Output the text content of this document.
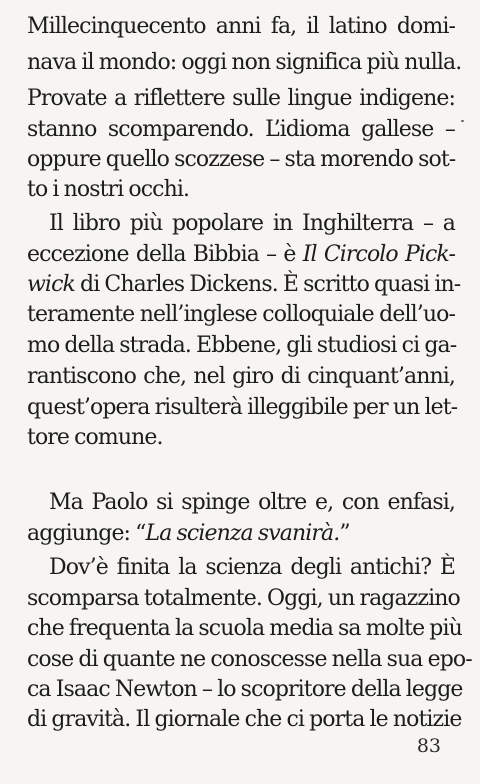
Millecinquecento anni fa, il latino domi-
nava il mondo: oggi non significa più nulla.
Provate a riflettere sulle lingue indigene:
stanno scomparendo. L’idioma gallese –
oppure quello scozzese – sta morendo sot-
to i nostri occhi.
Il libro più popolare in Inghilterra – a
eccezione della Bibbia – è Il Circolo Pick-
wick di Charles Dickens. È scritto quasi in-
teramente nell’inglese colloquiale dell’uo-
mo della strada. Ebbene, gli studiosi ci ga-
rantiscono che, nel giro di cinquant’anni,
quest’opera risulterà illeggibile per un let-
tore comune.
Ma Paolo si spinge oltre e, con enfasi,
aggiunge: “La scienza svanirà.”
Dov’è finita la scienza degli antichi? È
scomparsa totalmente. Oggi, un ragazzino
che frequenta la scuola media sa molte più
cose di quante ne conoscesse nella sua epo-
ca Isaac Newton – lo scopritore della legge
di gravità. Il giornale che ci porta le notizie
83
